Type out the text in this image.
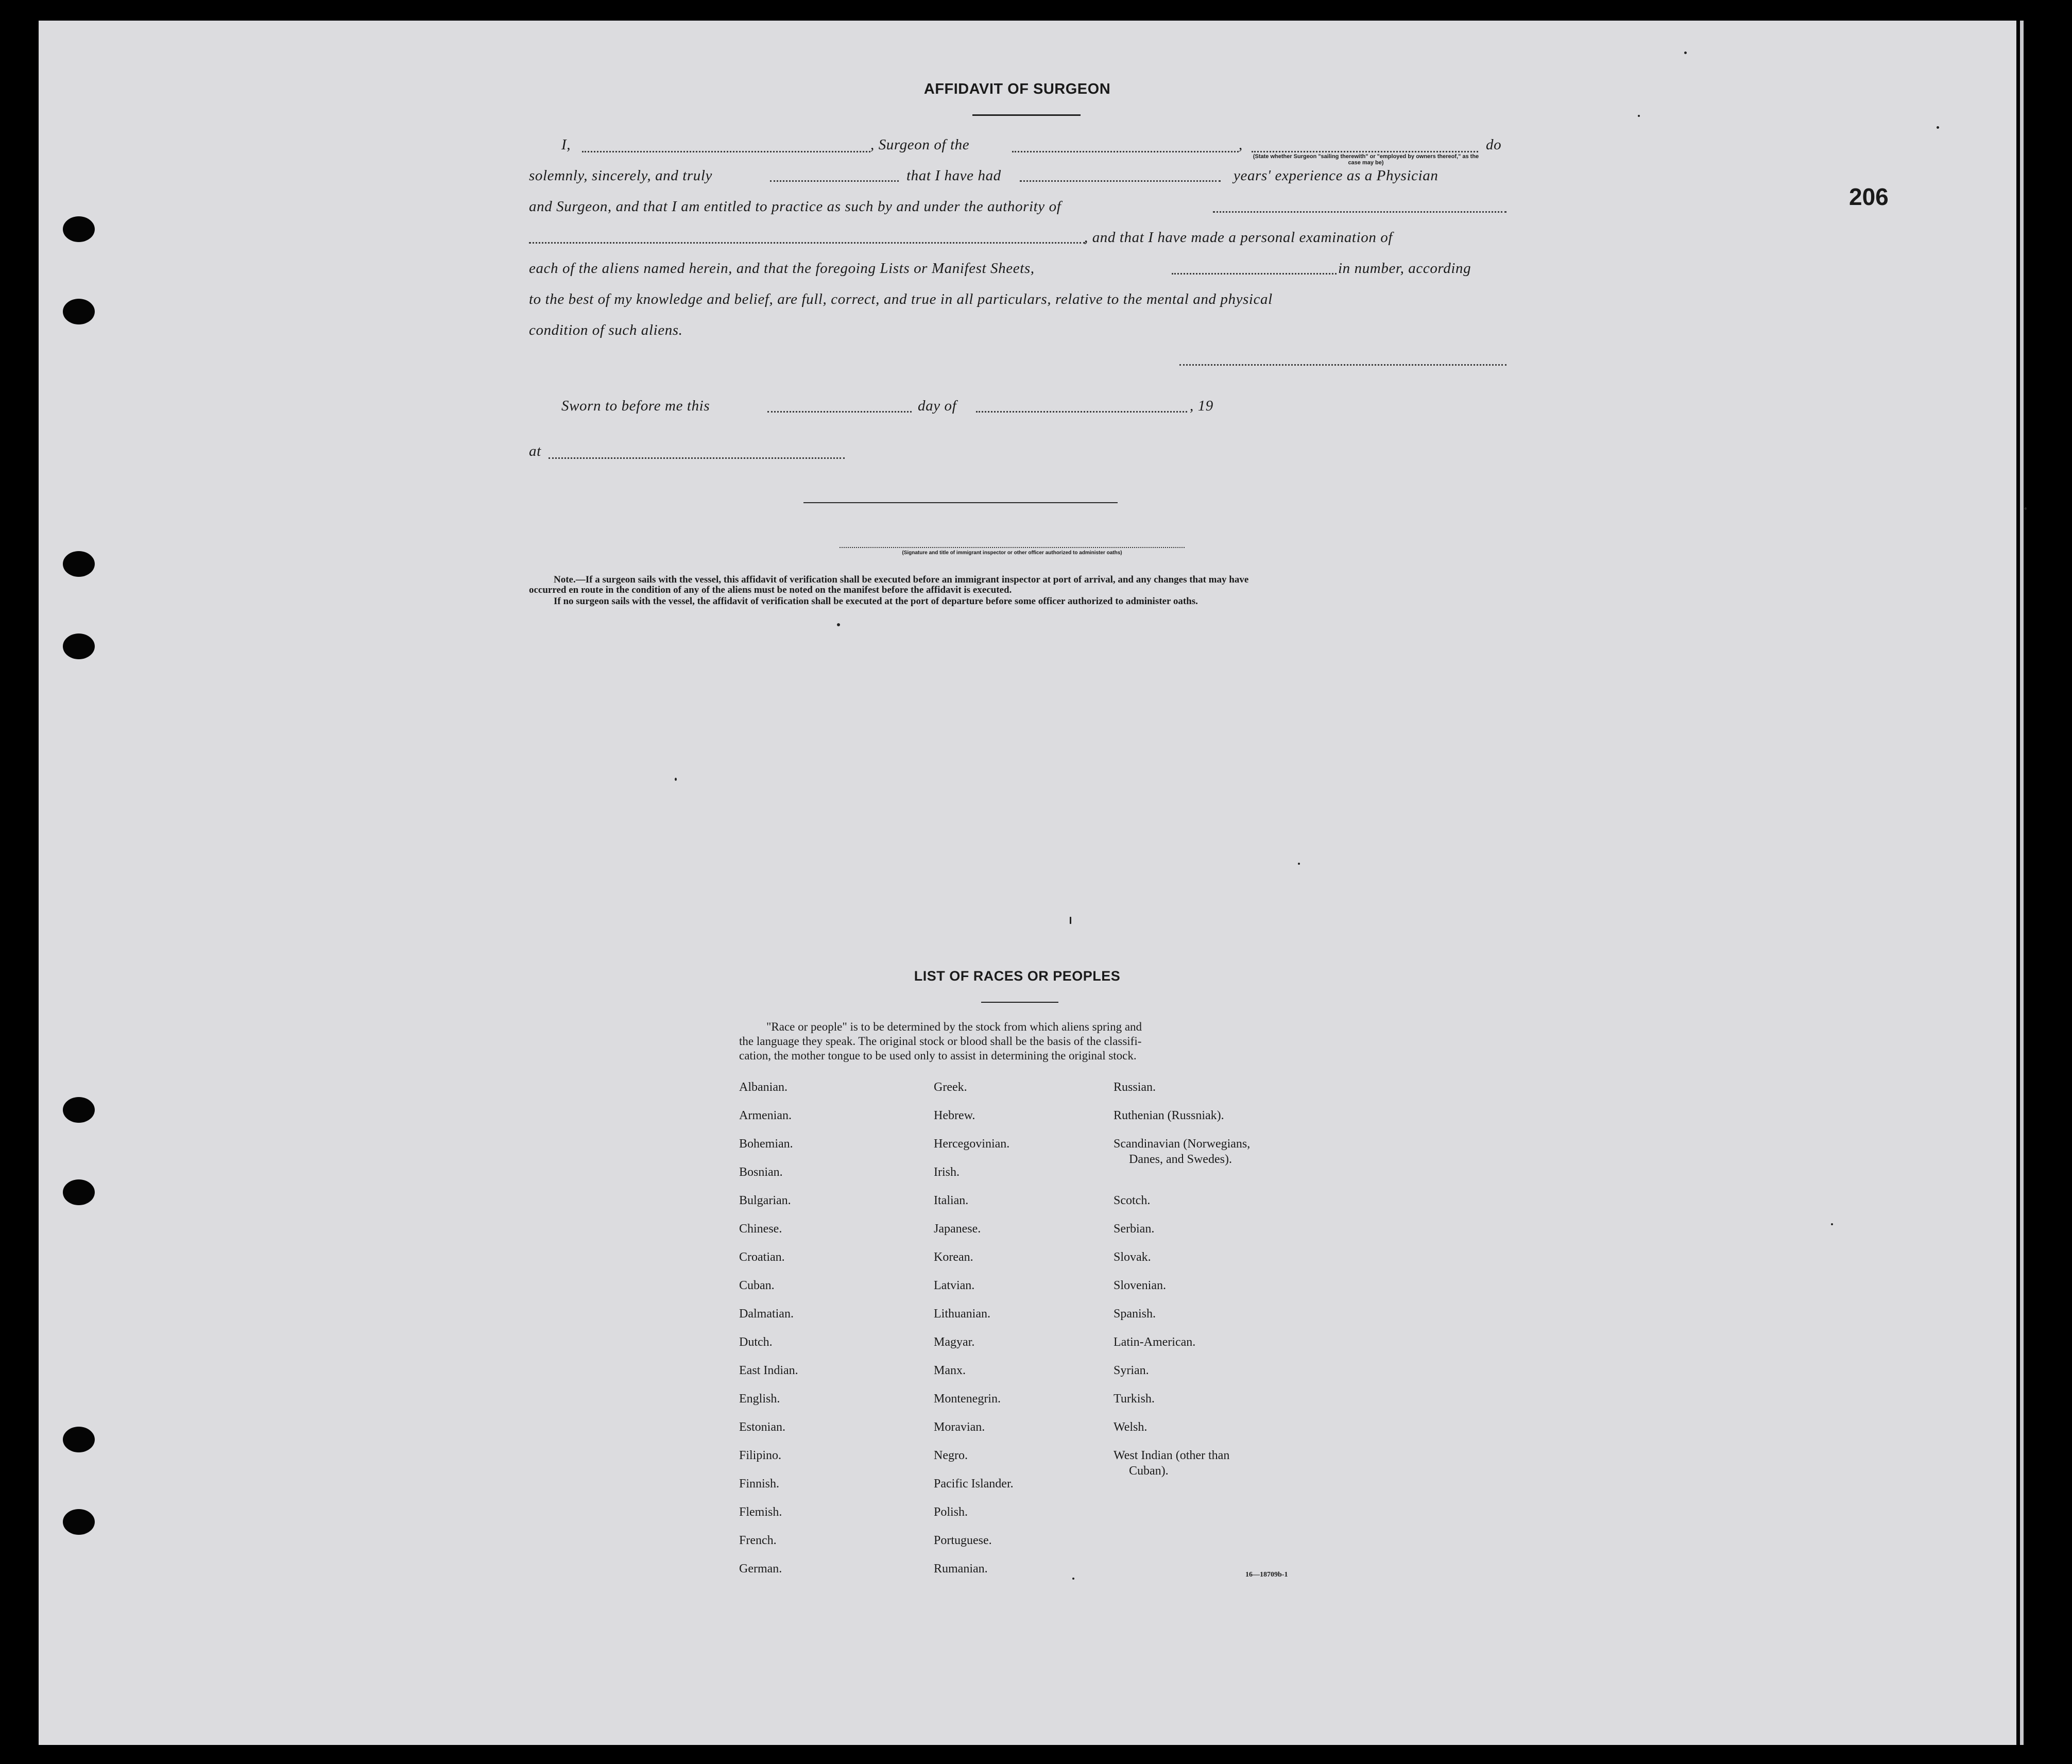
206
AFFIDAVIT OF SURGEON
I,	, Surgeon of the	,	do
(State whether Surgeon "sailing therewith" or "employed by owners thereof," as the case may be)
solemnly, sincerely, and truly	that I have had	years' experience as a Physician
and Surgeon, and that I am entitled to practice as such by and under the authority of
, and that I have made a personal examination of
each of the aliens named herein, and that the foregoing Lists or Manifest Sheets,	in number, according
to the best of my knowledge and belief, are full, correct, and true in all particulars, relative to the mental and physical
condition of such aliens.
Sworn to before me this	day of	, 19
at
(Signature and title of immigrant inspector or other officer authorized to administer oaths)
Note.—If a surgeon sails with the vessel, this affidavit of verification shall be executed before an immigrant inspector at port of arrival, and any changes that may have
occurred en route in the condition of any of the aliens must be noted on the manifest before the affidavit is executed.
If no surgeon sails with the vessel, the affidavit of verification shall be executed at the port of departure before some officer authorized to administer oaths.
LIST OF RACES OR PEOPLES
"Race or people" is to be determined by the stock from which aliens spring and
the language they speak. The original stock or blood shall be the basis of the classifi-
cation, the mother tongue to be used only to assist in determining the original stock.
Albanian.
Armenian.
Bohemian.
Bosnian.
Bulgarian.
Chinese.
Croatian.
Cuban.
Dalmatian.
Dutch.
East Indian.
English.
Estonian.
Filipino.
Finnish.
Flemish.
French.
German.
Greek.
Hebrew.
Hercegovinian.
Irish.
Italian.
Japanese.
Korean.
Latvian.
Lithuanian.
Magyar.
Manx.
Montenegrin.
Moravian.
Negro.
Pacific Islander.
Polish.
Portuguese.
Rumanian.
Russian.
Ruthenian (Russniak).
Scandinavian (Norwegians,
Danes, and Swedes).
Scotch.
Serbian.
Slovak.
Slovenian.
Spanish.
Latin-American.
Syrian.
Turkish.
Welsh.
West Indian (other than
Cuban).
16—18709b-1
